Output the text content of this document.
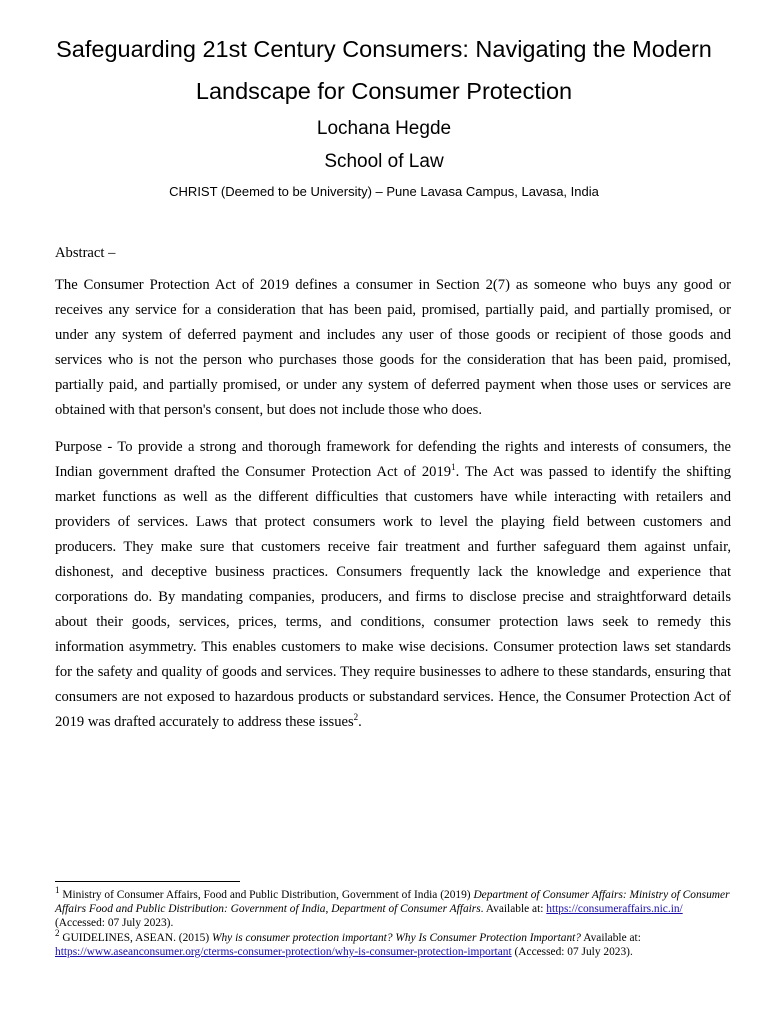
Safeguarding 21st Century Consumers: Navigating the Modern Landscape for Consumer Protection

Lochana Hegde

School of Law

CHRIST (Deemed to be University) – Pune Lavasa Campus, Lavasa, India

Abstract –

The Consumer Protection Act of 2019 defines a consumer in Section 2(7) as someone who buys any good or receives any service for a consideration that has been paid, promised, partially paid, and partially promised, or under any system of deferred payment and includes any user of those goods or recipient of those goods and services who is not the person who purchases those goods for the consideration that has been paid, promised, partially paid, and partially promised, or under any system of deferred payment when those uses or services are obtained with that person's consent, but does not include those who does.

Purpose - To provide a strong and thorough framework for defending the rights and interests of consumers, the Indian government drafted the Consumer Protection Act of 2019$^1$. The Act was passed to identify the shifting market functions as well as the different difficulties that customers have while interacting with retailers and providers of services. Laws that protect consumers work to level the playing field between customers and producers. They make sure that customers receive fair treatment and further safeguard them against unfair, dishonest, and deceptive business practices. Consumers frequently lack the knowledge and experience that corporations do. By mandating companies, producers, and firms to disclose precise and straightforward details about their goods, services, prices, terms, and conditions, consumer protection laws seek to remedy this information asymmetry. This enables customers to make wise decisions. Consumer protection laws set standards for the safety and quality of goods and services. They require businesses to adhere to these standards, ensuring that consumers are not exposed to hazardous products or substandard services. Hence, the Consumer Protection Act of 2019 was drafted accurately to address these issues$^2$.

$^1$ Ministry of Consumer Affairs, Food and Public Distribution, Government of India (2019) Department of Consumer Affairs: Ministry of Consumer Affairs Food and Public Distribution: Government of India, Department of Consumer Affairs. Available at: https://consumeraffairs.nic.in/ (Accessed: 07 July 2023).

$^2$ GUIDELINES, ASEAN. (2015) Why is consumer protection important? Why Is Consumer Protection Important? Available at: https://www.aseanconsumer.org/cterms-consumer-protection/why-is-consumer-protection-important (Accessed: 07 July 2023).
